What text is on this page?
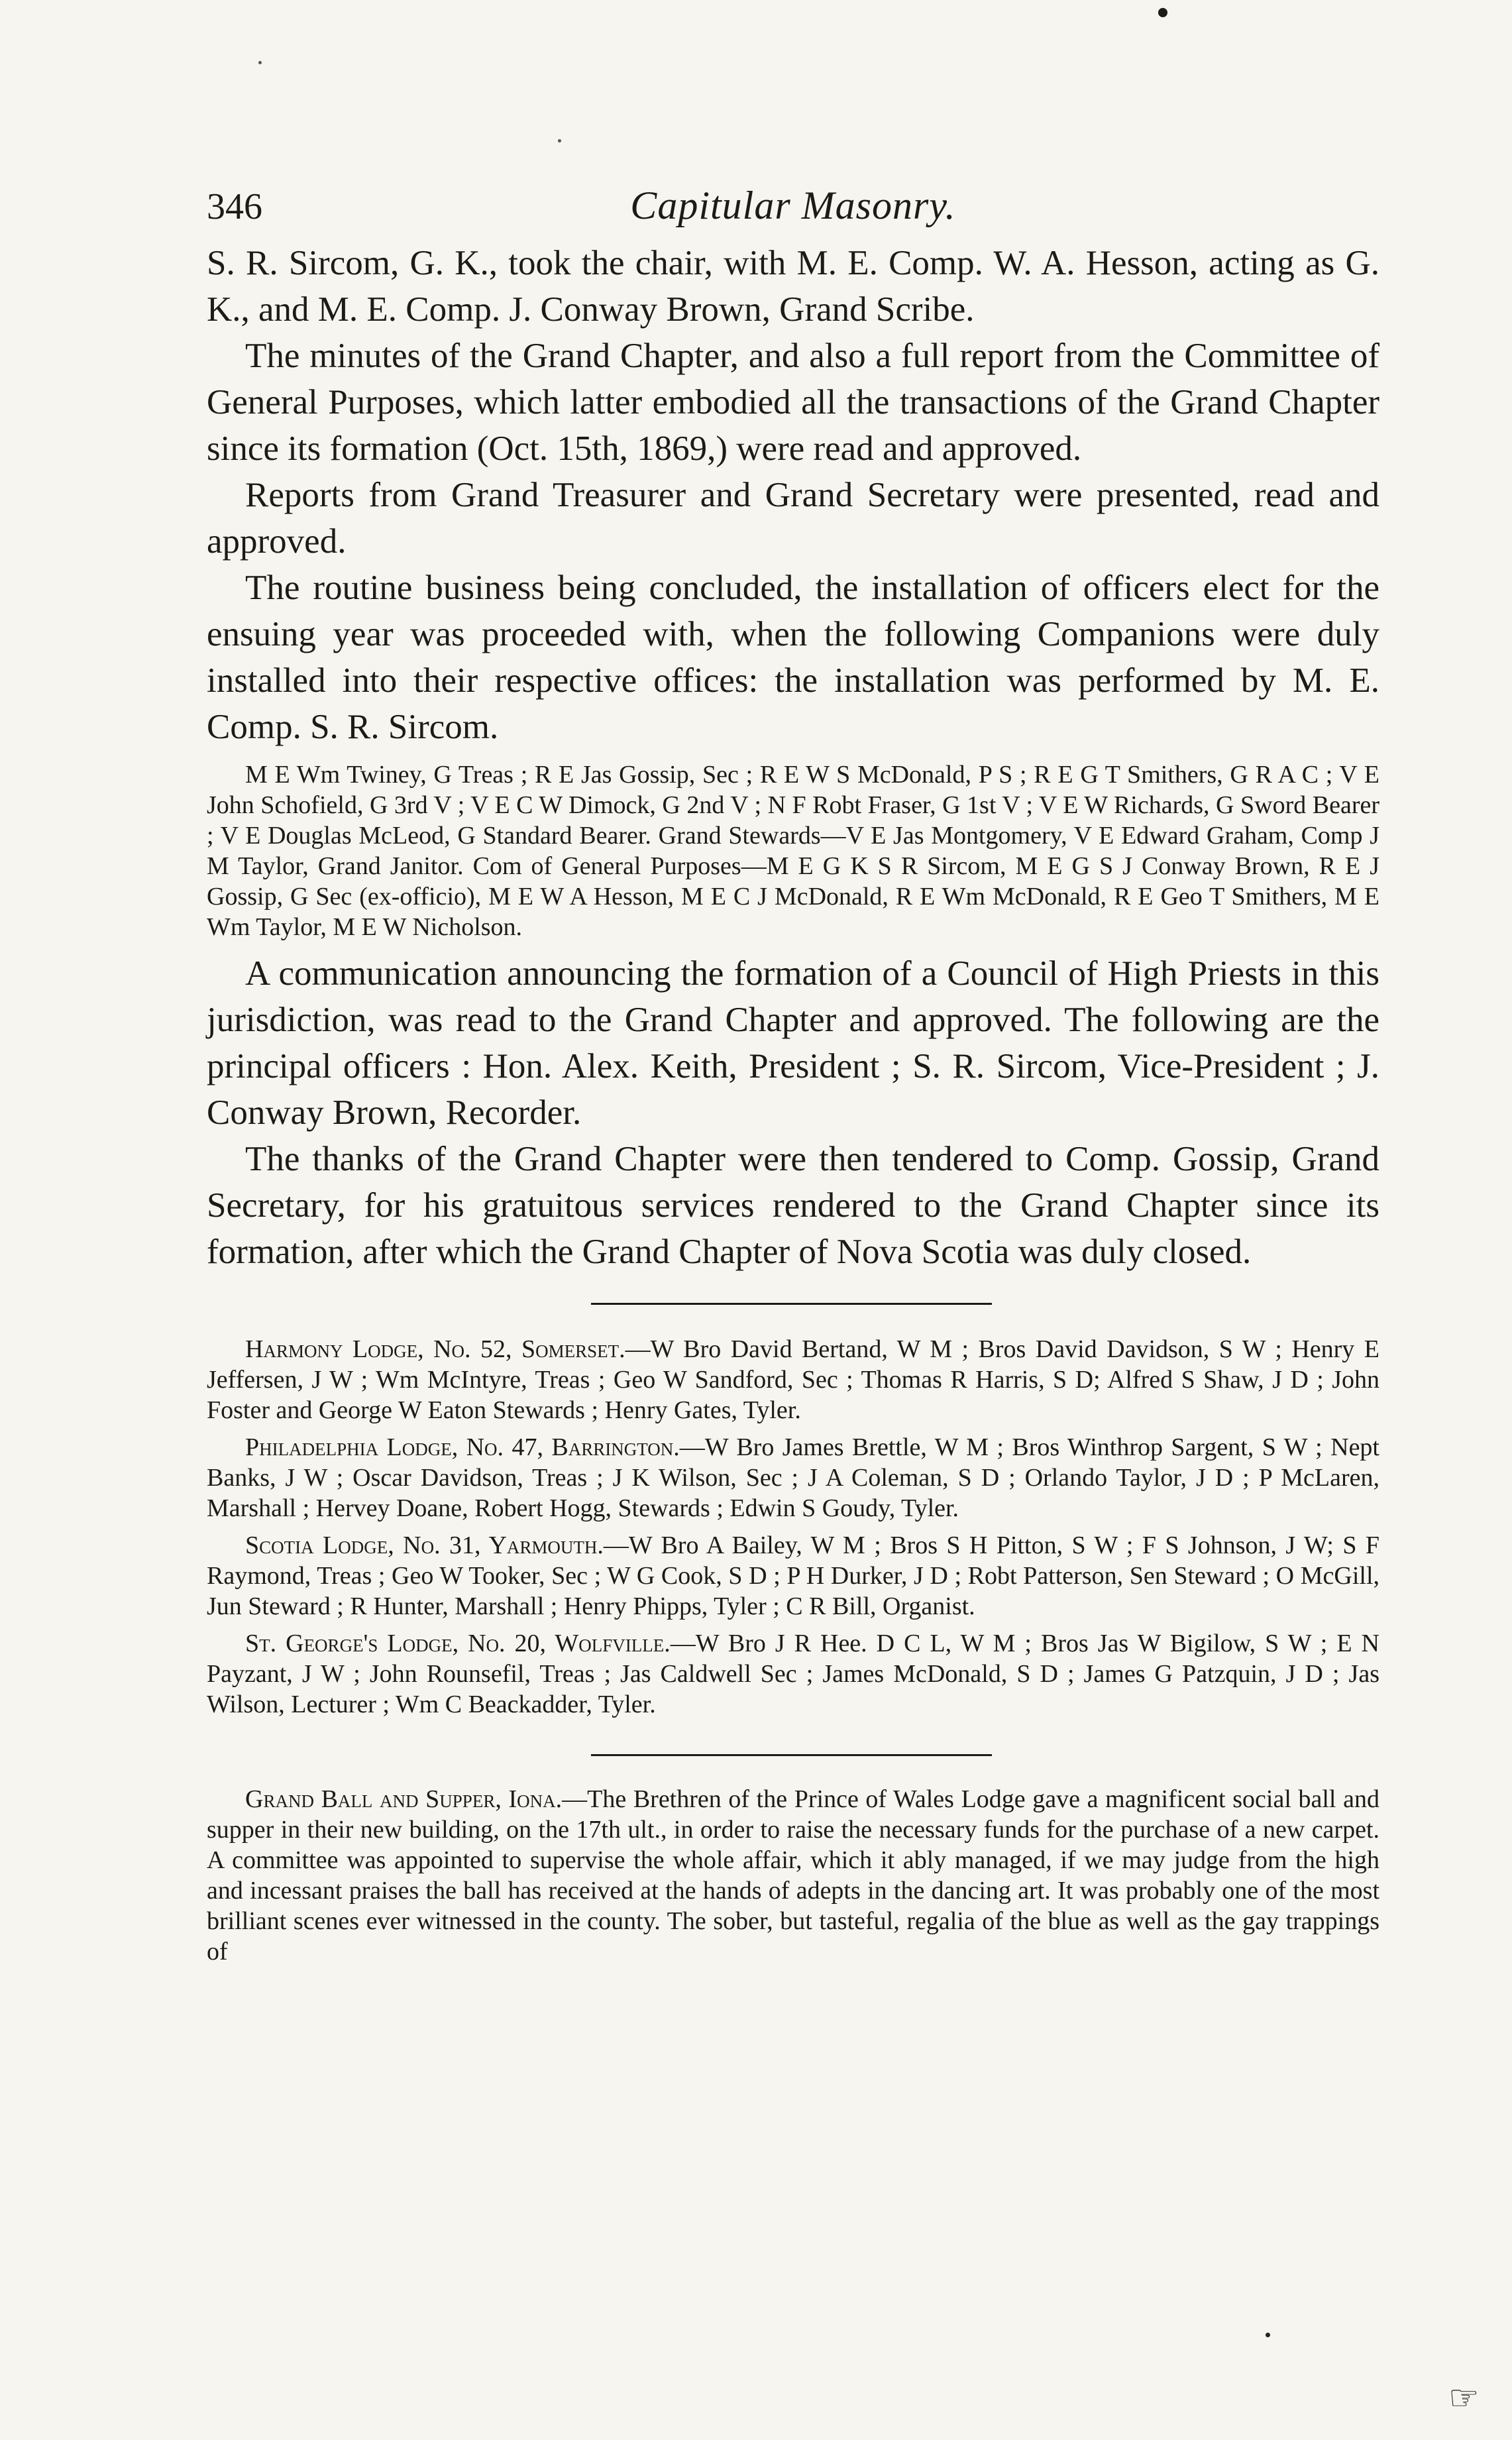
☞
346	Capitular Masonry.

S. R. Sircom, G. K., took the chair, with M. E. Comp. W. A. Hesson, acting as G. K., and M. E. Comp. J. Conway Brown, Grand Scribe.

The minutes of the Grand Chapter, and also a full report from the Committee of General Purposes, which latter embodied all the transactions of the Grand Chapter since its formation (Oct. 15th, 1869,) were read and approved.

Reports from Grand Treasurer and Grand Secretary were presented, read and approved.

The routine business being concluded, the installation of officers elect for the ensuing year was proceeded with, when the following Companions were duly installed into their respective offices: the installation was performed by M. E. Comp. S. R. Sircom.

M E Wm Twiney, G Treas ; R E Jas Gossip, Sec ; R E W S McDonald, P S ; R E G T Smithers, G R A C ; V E John Schofield, G 3rd V ; V E C W Dimock, G 2nd V ; N F Robt Fraser, G 1st V ; V E W Richards, G Sword Bearer ; V E Douglas McLeod, G Standard Bearer. Grand Stewards—V E Jas Montgomery, V E Edward Graham, Comp J M Taylor, Grand Janitor. Com of General Purposes—M E G K S R Sircom, M E G S J Conway Brown, R E J Gossip, G Sec (ex-officio), M E W A Hesson, M E C J McDonald, R E Wm McDonald, R E Geo T Smithers, M E Wm Taylor, M E W Nicholson.

A communication announcing the formation of a Council of High Priests in this jurisdiction, was read to the Grand Chapter and approved. The following are the principal officers : Hon. Alex. Keith, President ; S. R. Sircom, Vice-President ; J. Conway Brown, Recorder.

The thanks of the Grand Chapter were then tendered to Comp. Gossip, Grand Secretary, for his gratuitous services rendered to the Grand Chapter since its formation, after which the Grand Chapter of Nova Scotia was duly closed.

Harmony Lodge, No. 52, Somerset.—W Bro David Bertand, W M ; Bros David Davidson, S W ; Henry E Jeffersen, J W ; Wm McIntyre, Treas ; Geo W Sandford, Sec ; Thomas R Harris, S D; Alfred S Shaw, J D ; John Foster and George W Eaton Stewards ; Henry Gates, Tyler.

Philadelphia Lodge, No. 47, Barrington.—W Bro James Brettle, W M ; Bros Winthrop Sargent, S W ; Nept Banks, J W ; Oscar Davidson, Treas ; J K Wilson, Sec ; J A Coleman, S D ; Orlando Taylor, J D ; P McLaren, Marshall ; Hervey Doane, Robert Hogg, Stewards ; Edwin S Goudy, Tyler.

Scotia Lodge, No. 31, Yarmouth.—W Bro A Bailey, W M ; Bros S H Pitton, S W ; F S Johnson, J W; S F Raymond, Treas ; Geo W Tooker, Sec ; W G Cook, S D ; P H Durker, J D ; Robt Patterson, Sen Steward ; O McGill, Jun Steward ; R Hunter, Marshall ; Henry Phipps, Tyler ; C R Bill, Organist.

St. George's Lodge, No. 20, Wolfville.—W Bro J R Hee. D C L, W M ; Bros Jas W Bigilow, S W ; E N Payzant, J W ; John Rounsefil, Treas ; Jas Caldwell Sec ; James McDonald, S D ; James G Patzquin, J D ; Jas Wilson, Lecturer ; Wm C Beackadder, Tyler.

Grand Ball and Supper, Iona.—The Brethren of the Prince of Wales Lodge gave a magnificent social ball and supper in their new building, on the 17th ult., in order to raise the necessary funds for the purchase of a new carpet. A committee was appointed to supervise the whole affair, which it ably managed, if we may judge from the high and incessant praises the ball has received at the hands of adepts in the dancing art. It was probably one of the most brilliant scenes ever witnessed in the county. The sober, but tasteful, regalia of the blue as well as the gay trappings of
